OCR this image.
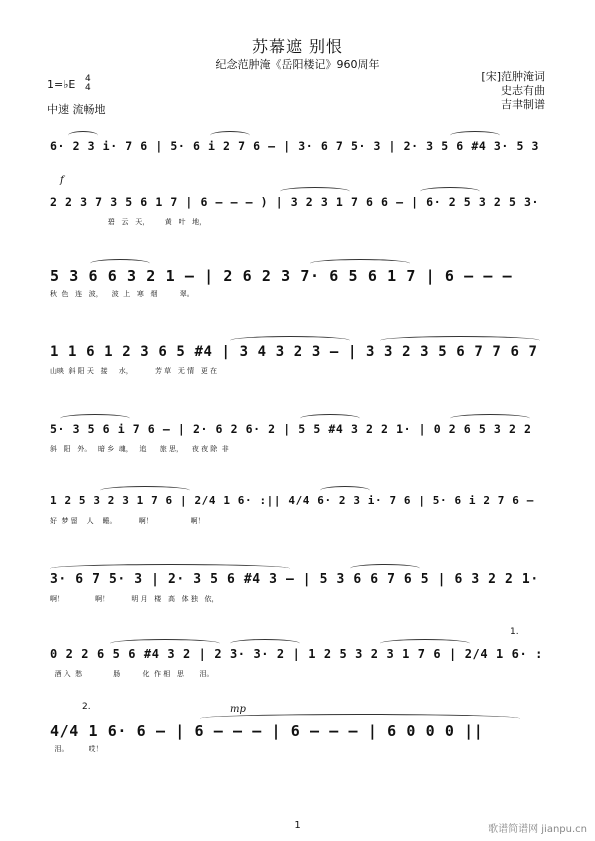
苏幕遮 别恨
纪念范肿淹《岳阳楼记》960周年
1=♭E 4
4
中速 流畅地
[宋]范肿淹词
史志有曲
吉聿制谱
6· 2 3 i· 7 6 | 5· 6 i 2 7 6 — | 3· 6 7 5· 3 | 2· 3 5 6 #4 3· 5 3
f
2 2 3 7 3 5 6 1 7 | 6 — — — ) | 3 2 3 1 7 6 6 — | 6· 2 5 3 2 5 3·
碧   云   天，       黄   叶   地，
5 3 6 6 3 2 1 — | 2 6 2 3 7· 6 5 6 1 7 | 6 — — —
秋  色   连   波，    波  上   寒   烟          翠。
1 1 6 1 2 3 6 5 #4 | 3 4 3 2 3 — | 3 3 2 3 5 6 7 7 6 7
山映  斜 阳 天   接     水，          芳 草   无 情   更 在
5· 3 5 6 i 7 6 — | 2· 6 2 6· 2 | 5 5 #4 3 2 2 1· | 0 2 6 5 3 2 2
斜   阳   外。   暗 乡  魂，   追      旅 思，    夜 夜 除  非
1 2 5 3 2 3 1 7 6 | 2/4 1 6· :|| 4/4 6· 2 3 i· 7 6 | 5· 6 i 2 7 6 —
好  梦 留    人    睡。          啊！                 啊！
3· 6 7 5· 3 | 2· 3 5 6 #4 3 — | 5 3 6 6 7 6 5 | 6 3 2 2 1·
啊！              啊！          明 月   楼   高   体 独   依，
1.
0 2 2 6 5 6 #4 3 2 | 2 3· 3· 2 | 1 2 5 3 2 3 1 7 6 | 2/4 1 6· :
酒 入  愁              肠          化  作 相   思       泪。
2.	mp
4/4 1 6· 6 — | 6 — — — | 6 — — — | 6 0 0 0 ||
泪。         哎！
1	歌谱简谱网 jianpu.cn
